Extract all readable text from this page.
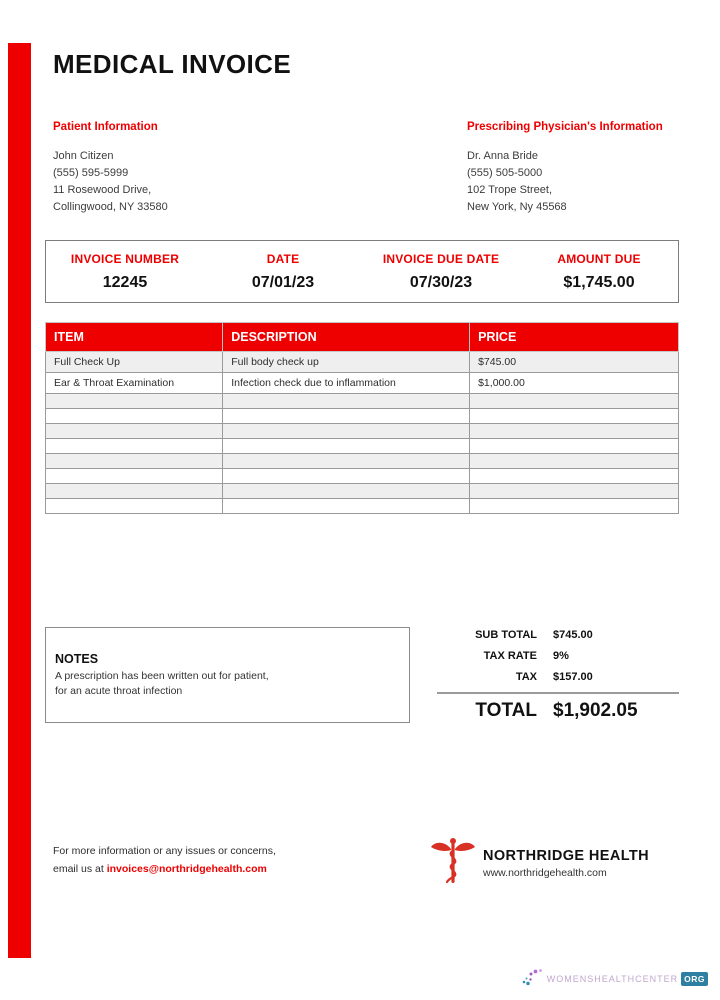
MEDICAL INVOICE
Patient Information
John Citizen
(555) 595-5999
11 Rosewood Drive,
Collingwood, NY 33580
Prescribing Physician's Information
Dr. Anna Bride
(555) 505-5000
102 Trope Street,
New York, Ny 45568
INVOICE NUMBER
12245
DATE
07/01/23
INVOICE DUE DATE
07/30/23
AMOUNT DUE
$1,745.00
ITEM	DESCRIPTION	PRICE
Full Check Up	Full body check up	$745.00
Ear & Throat Examination	Infection check due to inflammation	$1,000.00

NOTES
A prescription has been written out for patient,
for an acute throat infection
SUB TOTAL $745.00
TAX RATE 9%
TAX $157.00
TOTAL $1,902.05
For more information or any issues or concerns,
email us at invoices@northridgehealth.com
NORTHRIDGE HEALTH
www.northridgehealth.com
WOMENSHEALTHCENTER ORG
